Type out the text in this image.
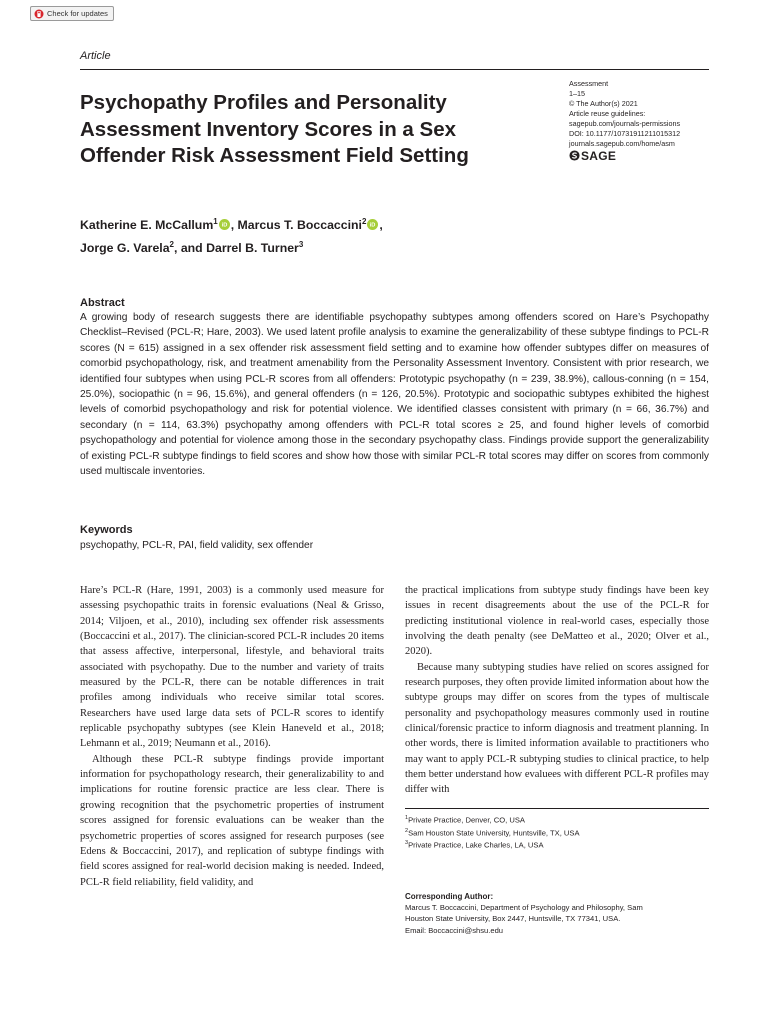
Check for updates
Article
Psychopathy Profiles and Personality Assessment Inventory Scores in a Sex Offender Risk Assessment Field Setting
Assessment
1–15
© The Author(s) 2021
Article reuse guidelines:
sagepub.com/journals-permissions
DOI: 10.1177/10731911211015312
journals.sagepub.com/home/asm
SAGE
Katherine E. McCallum$^1$ iD , Marcus T. Boccaccini$^2$ iD ,
Jorge G. Varela$^2$, and Darrel B. Turner$^3$
Abstract

A growing body of research suggests there are identifiable psychopathy subtypes among offenders scored on Hare’s Psychopathy Checklist–Revised (PCL-R; Hare, 2003). We used latent profile analysis to examine the generalizability of these subtype findings to PCL-R scores (N = 615) assigned in a sex offender risk assessment field setting and to examine how offender subtypes differ on measures of comorbid psychopathology, risk, and treatment amenability from the Personality Assessment Inventory. Consistent with prior research, we identified four subtypes when using PCL-R scores from all offenders: Prototypic psychopathy (n = 239, 38.9%), callous-conning (n = 154, 25.0%), sociopathic (n = 96, 15.6%), and general offenders (n = 126, 20.5%). Prototypic and sociopathic subtypes exhibited the highest levels of comorbid psychopathology and risk for potential violence. We identified classes consistent with primary (n = 66, 36.7%) and secondary (n = 114, 63.3%) psychopathy among offenders with PCL-R total scores ≥ 25, and found higher levels of comorbid psychopathology and potential for violence among those in the secondary psychopathy class. Findings provide support the generalizability of existing PCL-R subtype findings to field scores and show how those with similar PCL-R total scores may differ on scores from commonly used multiscale inventories.

Keywords

psychopathy, PCL-R, PAI, field validity, sex offender

Hare’s PCL-R (Hare, 1991, 2003) is a commonly used measure for assessing psychopathic traits in forensic evaluations (Neal & Grisso, 2014; Viljoen, et al., 2010), including sex offender risk assessments (Boccaccini et al., 2017). The clinician-scored PCL-R includes 20 items that assess affective, interpersonal, lifestyle, and behavioral traits associated with psychopathy. Due to the number and variety of traits measured by the PCL-R, there can be notable differences in trait profiles among individuals who receive similar total scores. Researchers have used large data sets of PCL-R scores to identify replicable psychopathy subtypes (see Klein Haneveld et al., 2018; Lehmann et al., 2019; Neumann et al., 2016).

Although these PCL-R subtype findings provide important information for psychopathology research, their generalizability to and implications for routine forensic practice are less clear. There is growing recognition that the psychometric properties of instrument scores assigned for forensic evaluations can be weaker than the psychometric properties of scores assigned for research purposes (see Edens & Boccaccini, 2017), and replication of subtype findings with field scores assigned for real-world decision making is needed. Indeed, PCL-R field reliability, field validity, and

the practical implications from subtype study findings have been key issues in recent disagreements about the use of the PCL-R for predicting institutional violence in real-world cases, especially those involving the death penalty (see DeMatteo et al., 2020; Olver et al., 2020).

Because many subtyping studies have relied on scores assigned for research purposes, they often provide limited information about how the subtype groups may differ on scores from the types of multiscale personality and psychopathology measures commonly used in routine clinical/forensic practice to inform diagnosis and treatment planning. In other words, there is limited information available to practitioners who may want to apply PCL-R subtyping studies to clinical practice, to help them better understand how evaluees with different PCL-R profiles may differ with

$^1$Private Practice, Denver, CO, USA
$^2$Sam Houston State University, Huntsville, TX, USA
$^3$Private Practice, Lake Charles, LA, USA
Corresponding Author:
Marcus T. Boccaccini, Department of Psychology and Philosophy, Sam
Houston State University, Box 2447, Huntsville, TX 77341, USA.
Email: Boccaccini@shsu.edu
